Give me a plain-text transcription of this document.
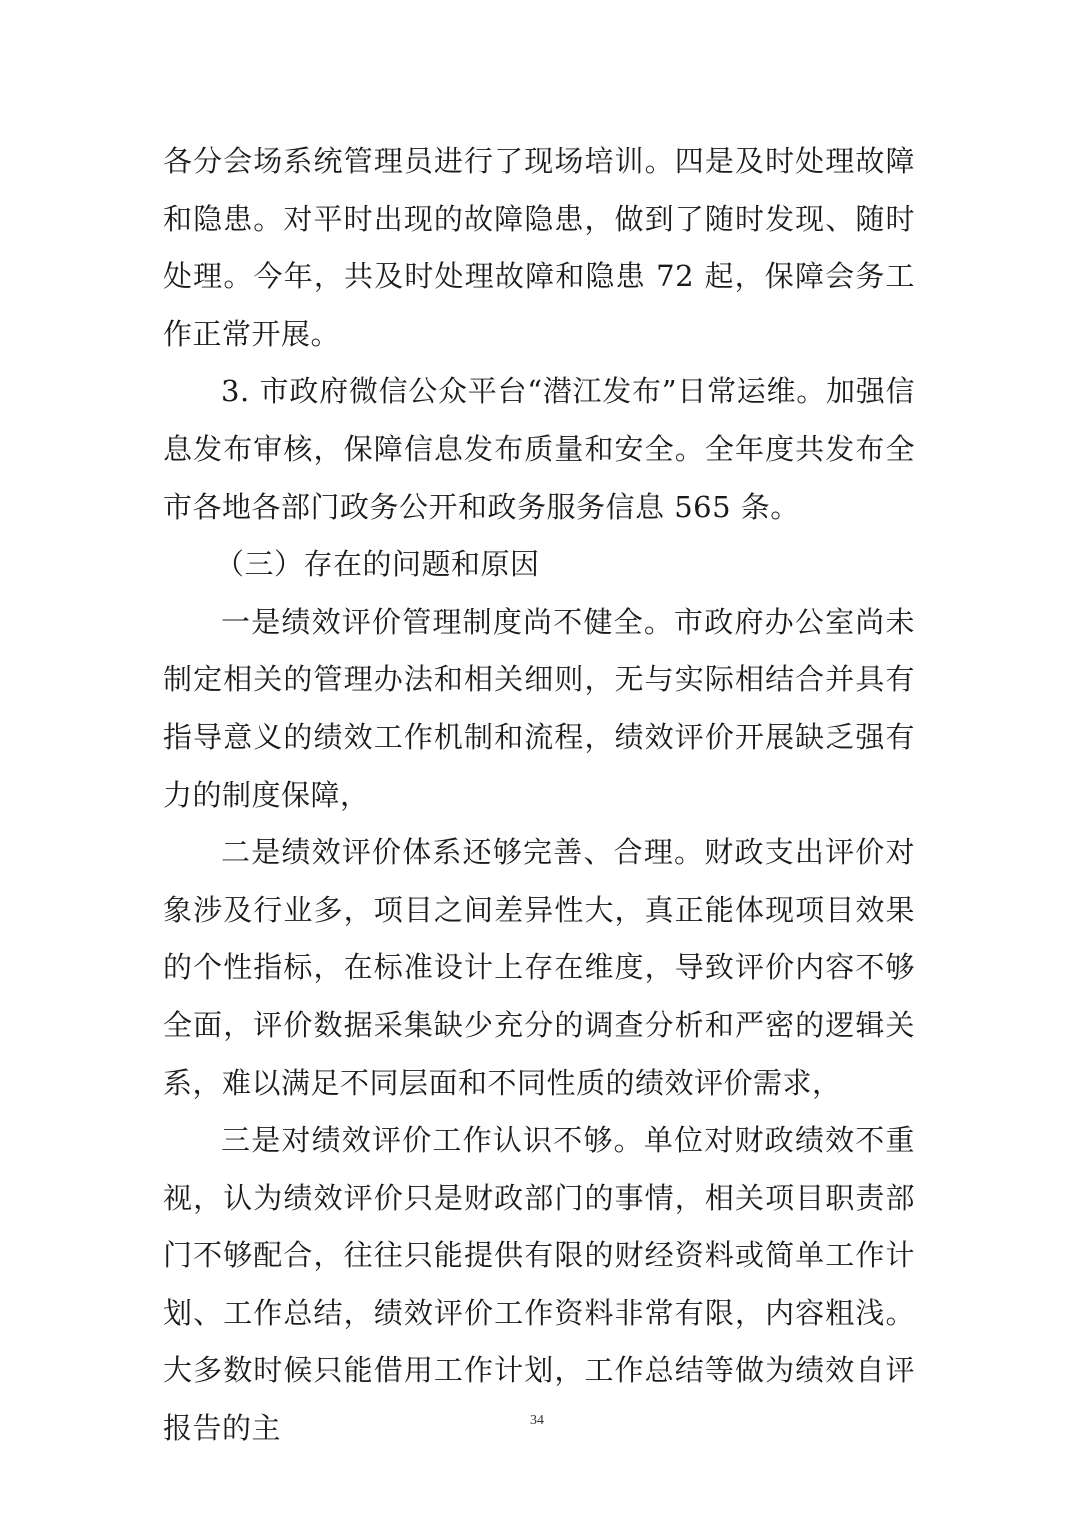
各分会场系统管理员进行了现场培训。四是及时处理故障和隐患。对平时出现的故障隐患，做到了随时发现、随时处理。今年，共及时处理故障和隐患 72 起，保障会务工作正常开展。

3. 市政府微信公众平台“潜江发布”日常运维。加强信息发布审核，保障信息发布质量和安全。全年度共发布全市各地各部门政务公开和政务服务信息 565 条。

（三）存在的问题和原因

一是绩效评价管理制度尚不健全。市政府办公室尚未制定相关的管理办法和相关细则，无与实际相结合并具有指导意义的绩效工作机制和流程，绩效评价开展缺乏强有力的制度保障，

二是绩效评价体系还够完善、合理。财政支出评价对象涉及行业多，项目之间差异性大，真正能体现项目效果的个性指标，在标准设计上存在维度，导致评价内容不够全面，评价数据采集缺少充分的调查分析和严密的逻辑关系，难以满足不同层面和不同性质的绩效评价需求，

三是对绩效评价工作认识不够。单位对财政绩效不重视，认为绩效评价只是财政部门的事情，相关项目职责部门不够配合，往往只能提供有限的财经资料或简单工作计划、工作总结，绩效评价工作资料非常有限，内容粗浅。大多数时候只能借用工作计划，工作总结等做为绩效自评报告的主	34
